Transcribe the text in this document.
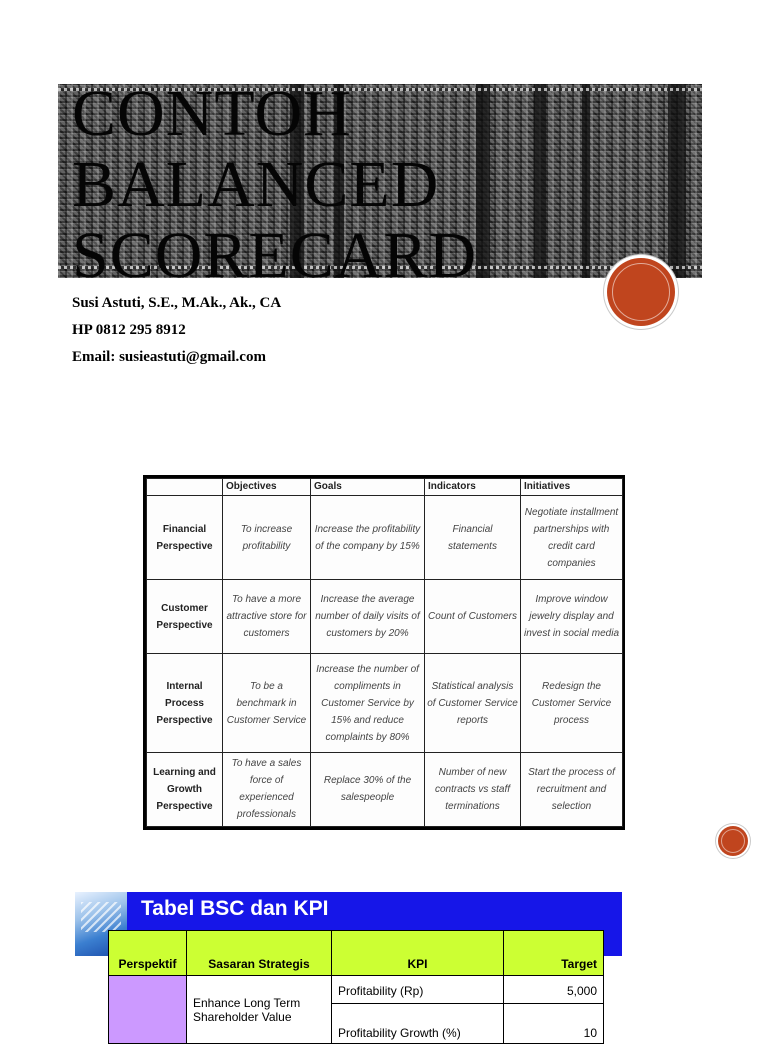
CONTOH
BALANCED
SCORECARD
Susi Astuti, S.E., M.Ak., Ak., CA
HP 0812 295 8912
Email: susieastuti@gmail.com
	Objectives	Goals	Indicators	Initiatives
Financial Perspective	To increase profitability	Increase the profitability of the company by 15%	Financial statements	Negotiate installment partnerships with credit card companies
Customer Perspective	To have a more attractive store for customers	Increase the average number of daily visits of customers by 20%	Count of Customers	Improve window jewelry display and invest in social media
Internal Process Perspective	To be a benchmark in Customer Service	Increase the number of compliments in Customer Service by 15% and reduce complaints by 80%	Statistical analysis of Customer Service reports	Redesign the Customer Service process
Learning and Growth Perspective	To have a sales force of experienced professionals	Replace 30% of the salespeople	Number of new contracts vs staff terminations	Start the process of recruitment and selection
Tabel BSC dan KPI
Perspektif	Sasaran Strategis	KPI	Target
	Enhance Long Term Shareholder Value	Profitability (Rp)	5,000
		Profitability Growth (%)	10
